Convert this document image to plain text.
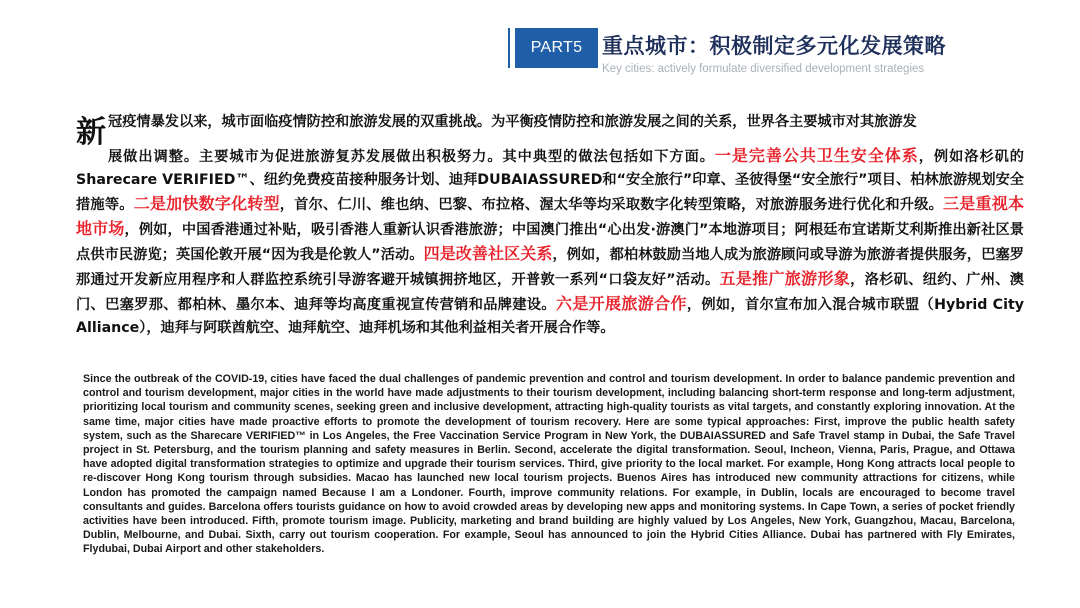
PART5 重点城市：积极制定多元化发展策略
Key cities: actively formulate diversified development strategies
新 冠疫情暴发以来，城市面临疫情防控和旅游发展的双重挑战。为平衡疫情防控和旅游发展之间的关系，世界各主要城市对其旅游发
展做出调整。主要城市为促进旅游复苏发展做出积极努力。其中典型的做法包括如下方面。一是完善公共卫生安全体系，例如洛杉矶的Sharecare VERIFIED™、纽约免费疫苗接种服务计划、迪拜DUBAIASSURED和“安全旅行”印章、圣彼得堡“安全旅行”项目、柏林旅游规划安全措施等。二是加快数字化转型，首尔、仁川、维也纳、巴黎、布拉格、渥太华等均采取数字化转型策略，对旅游服务进行优化和升级。三是重视本地市场，例如，中国香港通过补贴，吸引香港人重新认识香港旅游；中国澳门推出“心出发·游澳门”本地游项目；阿根廷布宜诺斯艾利斯推出新社区景点供市民游览；英国伦敦开展“因为我是伦敦人”活动。四是改善社区关系，例如，都柏林鼓励当地人成为旅游顾问或导游为旅游者提供服务，巴塞罗那通过开发新应用程序和人群监控系统引导游客避开城镇拥挤地区，开普敦一系列“口袋友好”活动。五是推广旅游形象，洛杉矶、纽约、广州、澳门、巴塞罗那、都柏林、墨尔本、迪拜等均高度重视宣传营销和品牌建设。六是开展旅游合作，例如，首尔宣布加入混合城市联盟（Hybrid City Alliance），迪拜与阿联酋航空、迪拜航空、迪拜机场和其他利益相关者开展合作等。
Since the outbreak of the COVID-19, cities have faced the dual challenges of pandemic prevention and control and tourism development. In order to balance pandemic prevention and control and tourism development, major cities in the world have made adjustments to their tourism development, including balancing short-term response and long-term adjustment, prioritizing local tourism and community scenes, seeking green and inclusive development, attracting high-quality tourists as vital targets, and constantly exploring innovation. At the same time, major cities have made proactive efforts to promote the development of tourism recovery. Here are some typical approaches: First, improve the public health safety system, such as the Sharecare VERIFIED™ in Los Angeles, the Free Vaccination Service Program in New York, the DUBAIASSURED and Safe Travel stamp in Dubai, the Safe Travel project in St. Petersburg, and the tourism planning and safety measures in Berlin. Second, accelerate the digital transformation. Seoul, Incheon, Vienna, Paris, Prague, and Ottawa have adopted digital transformation strategies to optimize and upgrade their tourism services. Third, give priority to the local market. For example, Hong Kong attracts local people to re-discover Hong Kong tourism through subsidies. Macao has launched new local tourism projects. Buenos Aires has introduced new community attractions for citizens, while London has promoted the campaign named Because I am a Londoner. Fourth, improve community relations. For example, in Dublin, locals are encouraged to become travel consultants and guides. Barcelona offers tourists guidance on how to avoid crowded areas by developing new apps and monitoring systems. In Cape Town, a series of pocket friendly activities have been introduced. Fifth, promote tourism image. Publicity, marketing and brand building are highly valued by Los Angeles, New York, Guangzhou, Macau, Barcelona, Dublin, Melbourne, and Dubai. Sixth, carry out tourism cooperation. For example, Seoul has announced to join the Hybrid Cities Alliance. Dubai has partnered with Fly Emirates, Flydubai, Dubai Airport and other stakeholders.
